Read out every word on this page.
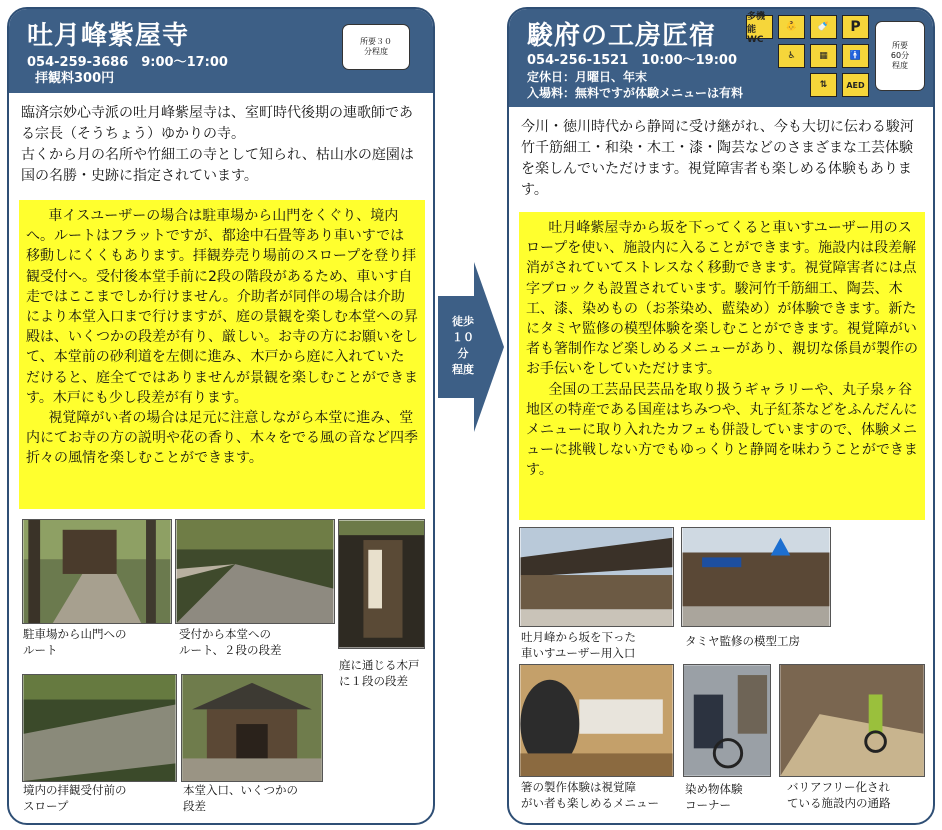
吐月峰紫屋寺
054-259-3686　9:00～17:00
拝観料300円
所要３０
分程度
臨済宗妙心寺派の吐月峰紫屋寺は、室町時代後期の連歌師である宗長（そうちょう）ゆかりの寺。
古くから月の名所や竹細工の寺として知られ、枯山水の庭園は国の名勝・史跡に指定されています。

車イスユーザーの場合は駐車場から山門をくぐり、境内へ。ルートはフラットですが、都途中石畳等あり車いすでは移動しにくくもあります。拝観券売り場前のスロープを登り拝観受付へ。受付後本堂手前に2段の階段があるため、車いす自走ではここまでしか行けません。介助者が同伴の場合は介助により本堂入口まで行けますが、庭の景観を楽しむ本堂への昇殿は、いくつかの段差が有り、厳しい。お寺の方にお願いをして、本堂前の砂利道を左側に進み、木戸から庭に入れていただけると、庭全てではありませんが景観を楽しむことができます。木戸にも少し段差が有ります。

視覚障がい者の場合は足元に注意しながら本堂に進み、堂内にてお寺の方の説明や花の香り、木々をでる風の音など四季折々の風情を楽しむことができます。

駐車場から山門への
ルート
受付から本堂への
ルート、２段の段差
庭に通じる木戸
に１段の段差
境内の拝観受付前の
スロープ
本堂入口、いくつかの
段差
徒歩
１０
分
程度
駿府の工房匠宿
054-256-1521　10:00～19:00
定休日：月曜日、年末
入場料：無料ですが体験メニューは有料
多機能WC
👶	🍼	P
♿	▦	🚹
⇅	AED
所要
60分
程度
今川・徳川時代から静岡に受け継がれ、今も大切に伝わる駿河竹千筋細工・和染・木工・漆・陶芸などのさまざまな工芸体験を楽しんでいただけます。視覚障害者も楽しめる体験もあります。

吐月峰紫屋寺から坂を下ってくると車いすユーザー用のスロープを使い、施設内に入ることができます。施設内は段差解消がされていてストレスなく移動できます。視覚障害者には点字ブロックも設置されています。駿河竹千筋細工、陶芸、木工、漆、染めもの（お茶染め、藍染め）が体験できます。新たにタミヤ監修の模型体験を楽しむことができます。視覚障がい者も箸制作など楽しめるメニューがあり、親切な係員が製作のお手伝いをしていただけます。

全国の工芸品民芸品を取り扱うギャラリーや、丸子泉ヶ谷地区の特産である国産はちみつや、丸子紅茶などをふんだんにメニューに取り入れたカフェも併設していますので、体験メニューに挑戦しない方でもゆっくりと静岡を味わうことができます。

吐月峰から坂を下った
車いすユーザー用入口
タミヤ監修の模型工房
箸の製作体験は視覚障
がい者も楽しめるメニュー
染め物体験
コーナー
バリアフリー化され
ている施設内の通路
